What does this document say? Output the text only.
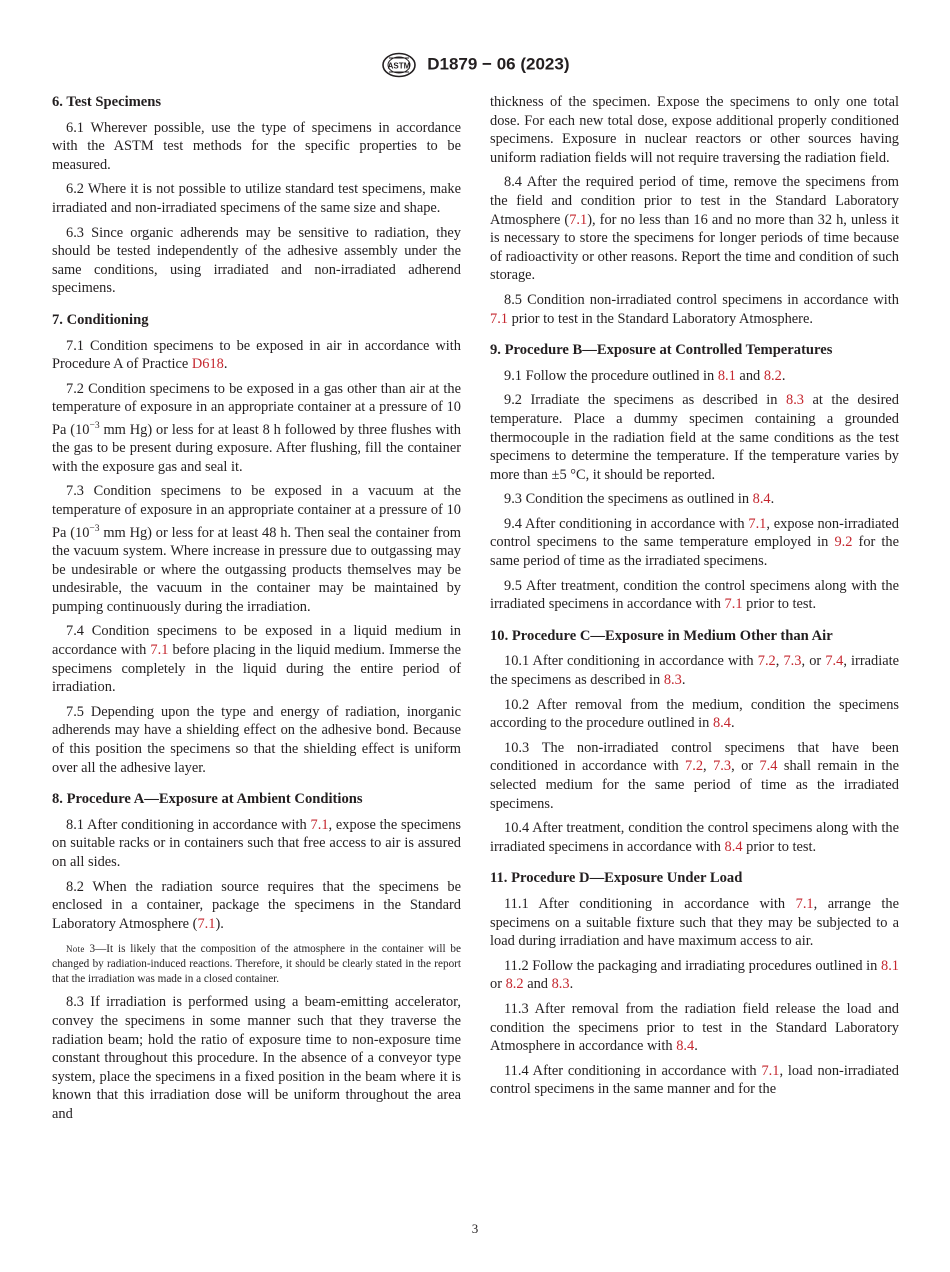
ASTM D1879 − 06 (2023)
6. Test Specimens

6.1 Wherever possible, use the type of specimens in accordance with the ASTM test methods for the specific properties to be measured.

6.2 Where it is not possible to utilize standard test specimens, make irradiated and non-irradiated specimens of the same size and shape.

6.3 Since organic adherends may be sensitive to radiation, they should be tested independently of the adhesive assembly under the same conditions, using irradiated and non-irradiated adherend specimens.

7. Conditioning

7.1 Condition specimens to be exposed in air in accordance with Procedure A of Practice D618.

7.2 Condition specimens to be exposed in a gas other than air at the temperature of exposure in an appropriate container at a pressure of 10 Pa ($10^{-3}$ mm Hg) or less for at least 8 h followed by three flushes with the gas to be present during exposure. After flushing, fill the container with the exposure gas and seal it.

7.3 Condition specimens to be exposed in a vacuum at the temperature of exposure in an appropriate container at a pressure of 10 Pa ($10^{-3}$ mm Hg) or less for at least 48 h. Then seal the container from the vacuum system. Where increase in pressure due to outgassing may be undesirable or where the outgassing products themselves may be undesirable, the vacuum in the container may be maintained by pumping continuously during the irradiation.

7.4 Condition specimens to be exposed in a liquid medium in accordance with 7.1 before placing in the liquid medium. Immerse the specimens completely in the liquid during the entire period of irradiation.

7.5 Depending upon the type and energy of radiation, inorganic adherends may have a shielding effect on the adhesive bond. Because of this position the specimens so that the shielding effect is uniform over all the adhesive layer.

8. Procedure A—Exposure at Ambient Conditions

8.1 After conditioning in accordance with 7.1, expose the specimens on suitable racks or in containers such that free access to air is assured on all sides.

8.2 When the radiation source requires that the specimens be enclosed in a container, package the specimens in the Standard Laboratory Atmosphere (7.1).

Note 3—It is likely that the composition of the atmosphere in the container will be changed by radiation-induced reactions. Therefore, it should be clearly stated in the report that the irradiation was made in a closed container.

8.3 If irradiation is performed using a beam-emitting accelerator, convey the specimens in some manner such that they traverse the radiation beam; hold the ratio of exposure time to non-exposure time constant throughout this procedure. In the absence of a conveyor type system, place the specimens in a fixed position in the beam where it is known that this irradiation dose will be uniform throughout the area and

thickness of the specimen. Expose the specimens to only one total dose. For each new total dose, expose additional properly conditioned specimens. Exposure in nuclear reactors or other sources having uniform radiation fields will not require traversing the radiation field.

8.4 After the required period of time, remove the specimens from the field and condition prior to test in the Standard Laboratory Atmosphere (7.1), for no less than 16 and no more than 32 h, unless it is necessary to store the specimens for longer periods of time because of radioactivity or other reasons. Report the time and condition of such storage.

8.5 Condition non-irradiated control specimens in accordance with 7.1 prior to test in the Standard Laboratory Atmosphere.

9. Procedure B—Exposure at Controlled Temperatures

9.1 Follow the procedure outlined in 8.1 and 8.2.

9.2 Irradiate the specimens as described in 8.3 at the desired temperature. Place a dummy specimen containing a grounded thermocouple in the radiation field at the same conditions as the test specimens to determine the temperature. If the temperature varies by more than ±5 °C, it should be reported.

9.3 Condition the specimens as outlined in 8.4.

9.4 After conditioning in accordance with 7.1, expose non-irradiated control specimens to the same temperature employed in 9.2 for the same period of time as the irradiated specimens.

9.5 After treatment, condition the control specimens along with the irradiated specimens in accordance with 7.1 prior to test.

10. Procedure C—Exposure in Medium Other than Air

10.1 After conditioning in accordance with 7.2, 7.3, or 7.4, irradiate the specimens as described in 8.3.

10.2 After removal from the medium, condition the specimens according to the procedure outlined in 8.4.

10.3 The non-irradiated control specimens that have been conditioned in accordance with 7.2, 7.3, or 7.4 shall remain in the selected medium for the same period of time as the irradiated specimens.

10.4 After treatment, condition the control specimens along with the irradiated specimens in accordance with 8.4 prior to test.

11. Procedure D—Exposure Under Load

11.1 After conditioning in accordance with 7.1, arrange the specimens on a suitable fixture such that they may be subjected to a load during irradiation and have maximum access to air.

11.2 Follow the packaging and irradiating procedures outlined in 8.1 or 8.2 and 8.3.

11.3 After removal from the radiation field release the load and condition the specimens prior to test in the Standard Laboratory Atmosphere in accordance with 8.4.

11.4 After conditioning in accordance with 7.1, load non-irradiated control specimens in the same manner and for the

3
